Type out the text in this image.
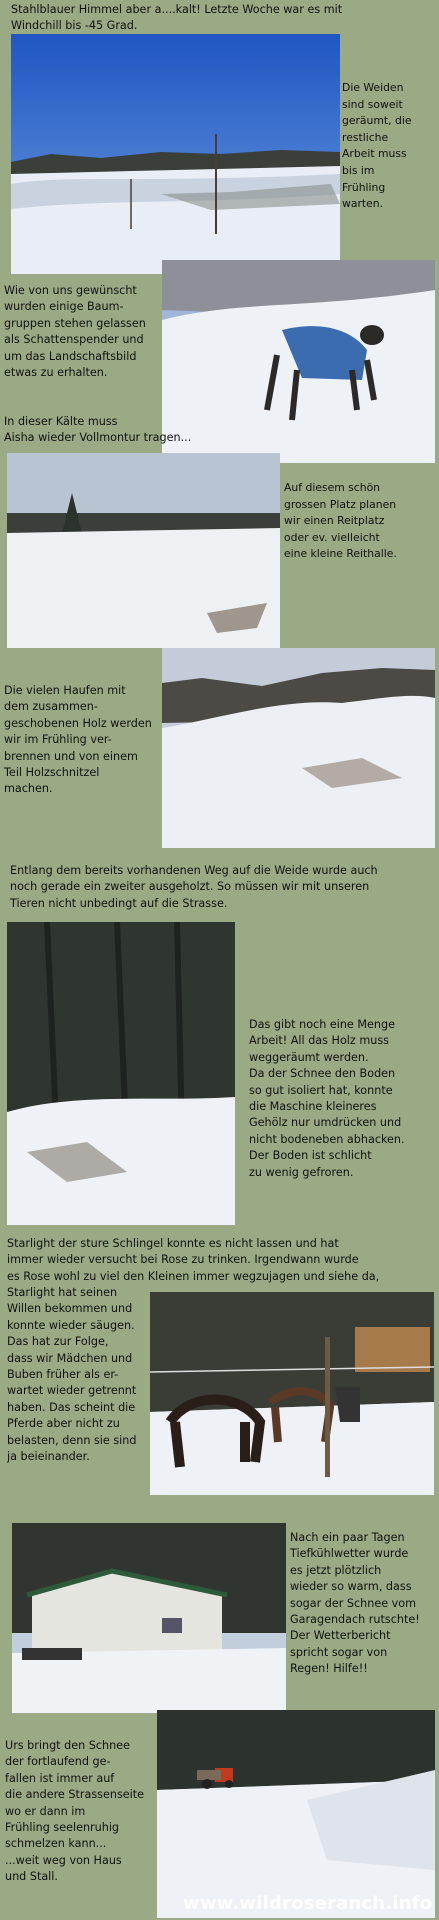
Stahlblauer Himmel aber a....kalt! Letzte Woche war es mit
Windchill bis -45 Grad.
Die Weiden
sind soweit
geräumt, die
restliche
Arbeit muss
bis im
Frühling
warten.
Wie von uns gewünscht
wurden einige Baum-
gruppen stehen gelassen
als Schattenspender und
um das Landschaftsbild
etwas zu erhalten.
In dieser Kälte muss
Aisha wieder Vollmontur tragen...
Auf diesem schön
grossen Platz planen
wir einen Reitplatz
oder ev. vielleicht
eine kleine Reithalle.
Die vielen Haufen mit
dem zusammen-
geschobenen Holz werden
wir im Frühling ver-
brennen und von einem
Teil Holzschnitzel
machen.
Entlang dem bereits vorhandenen Weg auf die Weide wurde auch
noch gerade ein zweiter ausgeholzt. So müssen wir mit unseren
Tieren nicht unbedingt auf die Strasse.
Das gibt noch eine Menge
Arbeit! All das Holz muss
weggeräumt werden.
Da der Schnee den Boden
so gut isoliert hat, konnte
die Maschine kleineres
Gehölz nur umdrücken und
nicht bodeneben abhacken.
Der Boden ist schlicht
zu wenig gefroren.
Starlight der sture Schlingel konnte es nicht lassen und hat
immer wieder versucht bei Rose zu trinken. Irgendwann wurde
es Rose wohl zu viel den Kleinen immer wegzujagen und siehe da,
Starlight hat seinen
Willen bekommen und
konnte wieder säugen.
Das hat zur Folge,
dass wir Mädchen und
Buben früher als er-
wartet wieder getrennt
haben. Das scheint die
Pferde aber nicht zu
belasten, denn sie sind
ja beieinander.
Nach ein paar Tagen
Tiefkühlwetter wurde
es jetzt plötzlich
wieder so warm, dass
sogar der Schnee vom
Garagendach rutschte!
Der Wetterbericht
spricht sogar von
Regen! Hilfe!!
Urs bringt den Schnee
der fortlaufend ge-
fallen ist immer auf
die andere Strassenseite
wo er dann im
Frühling seelenruhig
schmelzen kann...
...weit weg von Haus
und Stall.
www.wildroseranch.info
